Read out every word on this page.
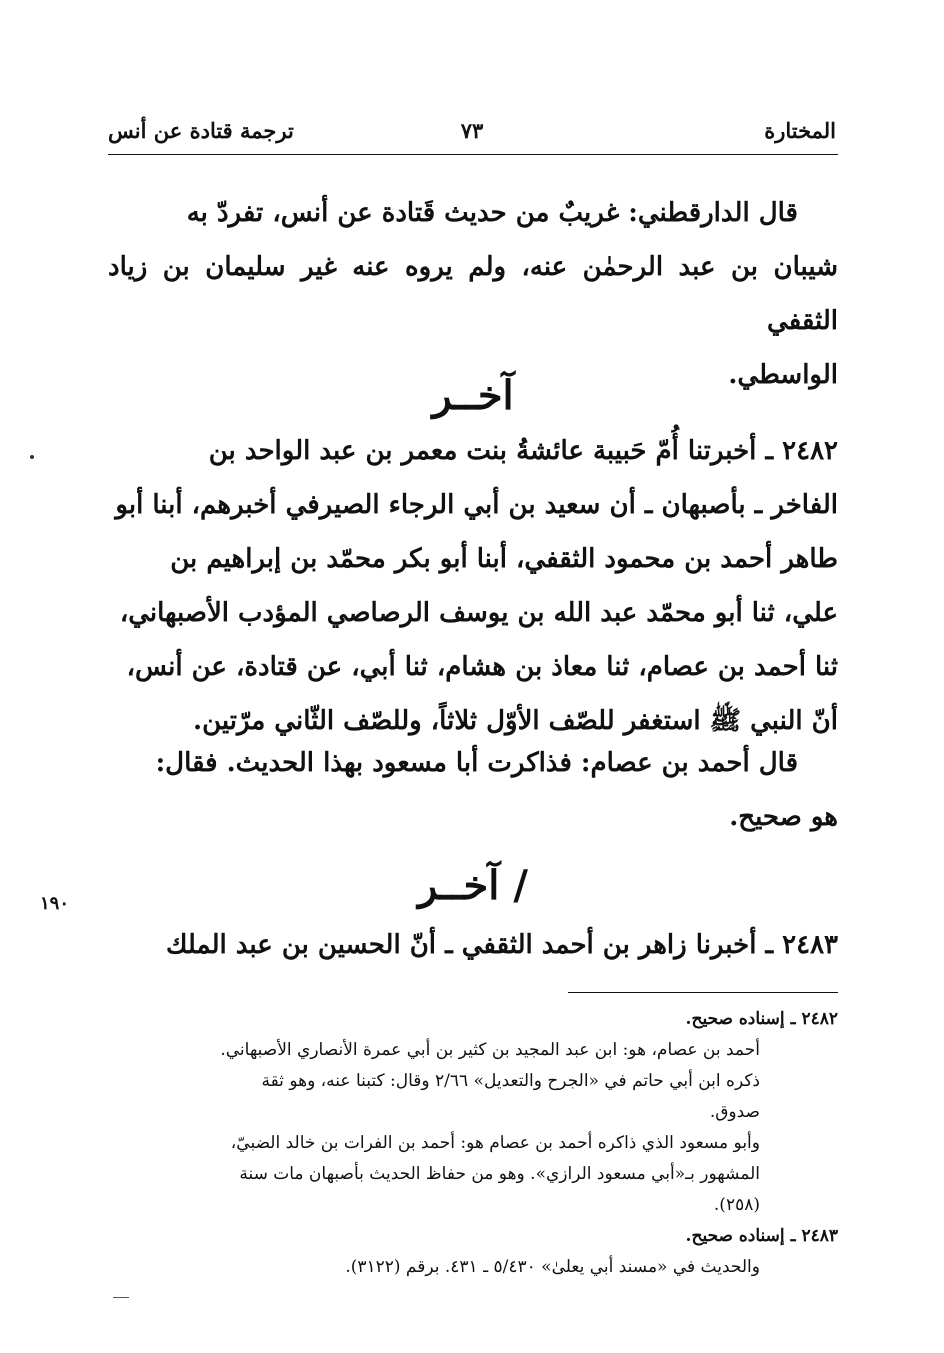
المختارة
٧٣
ترجمة قتادة عن أنس

قال الدارقطني: غريبٌ من حديث قَتادة عن أنس، تفردّ به

شيبان بن عبد الرحمٰن عنه، ولم يروه عنه غير سليمان بن زياد الثقفي

الواسطي.

آخــر

٢٤٨٢ ـ أخبرتنا أُمّ حَبيبة عائشةُ بنت معمر بن عبد الواحد بن

الفاخر ـ بأصبهان ـ أن سعيد بن أبي الرجاء الصيرفي أخبرهم، أبنا أبو

طاهر أحمد بن محمود الثقفي، أبنا أبو بكر محمّد بن إبراهيم بن

علي، ثنا أبو محمّد عبد الله بن يوسف الرصاصي المؤدب الأصبهاني،

ثنا أحمد بن عصام، ثنا معاذ بن هشام، ثنا أبي، عن قتادة، عن أنس،

أنّ النبي ﷺ استغفر للصّف الأوّل ثلاثاً، وللصّف الثّاني مرّتين.

قال أحمد بن عصام: فذاكرت أبا مسعود بهذا الحديث. فقال:

هو صحيح.

/ آخــر

٢٤٨٣ ـ أخبرنا زاهر بن أحمد الثقفي ـ أنّ الحسين بن عبد الملك

١٩٠

٢٤٨٢ ـ إسناده صحيح.

أحمد بن عصام، هو: ابن عبد المجيد بن كثير بن أبي عمرة الأنصاري الأصبهاني.

ذكره ابن أبي حاتم في «الجرح والتعديل» ٢/٦٦ وقال: كتبنا عنه، وهو ثقة

صدوق.

وأبو مسعود الذي ذاكره أحمد بن عصام هو: أحمد بن الفرات بن خالد الضبيّ،

المشهور بـ«أبي مسعود الرازي». وهو من حفاظ الحديث بأصبهان مات سنة

(٢٥٨).

٢٤٨٣ ـ إسناده صحيح.

والحديث في «مسند أبي يعلىٰ» ٥/٤٣٠ ـ ٤٣١. برقم (٣١٢٢).
